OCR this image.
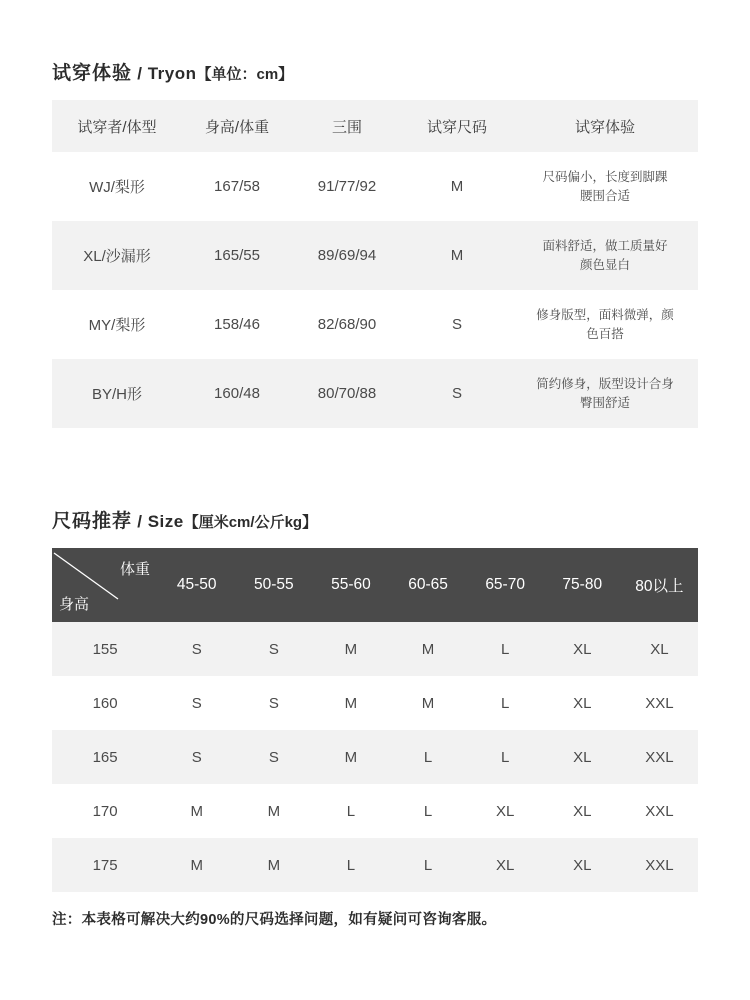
试穿体验 / Tryon 【单位：cm】
试穿者/体型	身高/体重	三围	试穿尺码	试穿体验
WJ/梨形	167/58	91/77/92	M	尺码偏小，长度到脚踝
腰围合适
XL/沙漏形	165/55	89/69/94	M	面料舒适，做工质量好
颜色显白
MY/梨形	158/46	82/68/90	S	修身版型，面料微弹，颜
色百搭
BY/H形	160/48	80/70/88	S	简约修身，版型设计合身
臀围舒适
尺码推荐 / Size 【厘米cm/公斤kg】
体重
身高	45-50	50-55	55-60	60-65	65-70	75-80	80以上
155	S	S	M	M	L	XL	XL
160	S	S	M	M	L	XL	XXL
165	S	S	M	L	L	XL	XXL
170	M	M	L	L	XL	XL	XXL
175	M	M	L	L	XL	XL	XXL
注：本表格可解决大约90%的尺码选择问题，如有疑问可咨询客服。
